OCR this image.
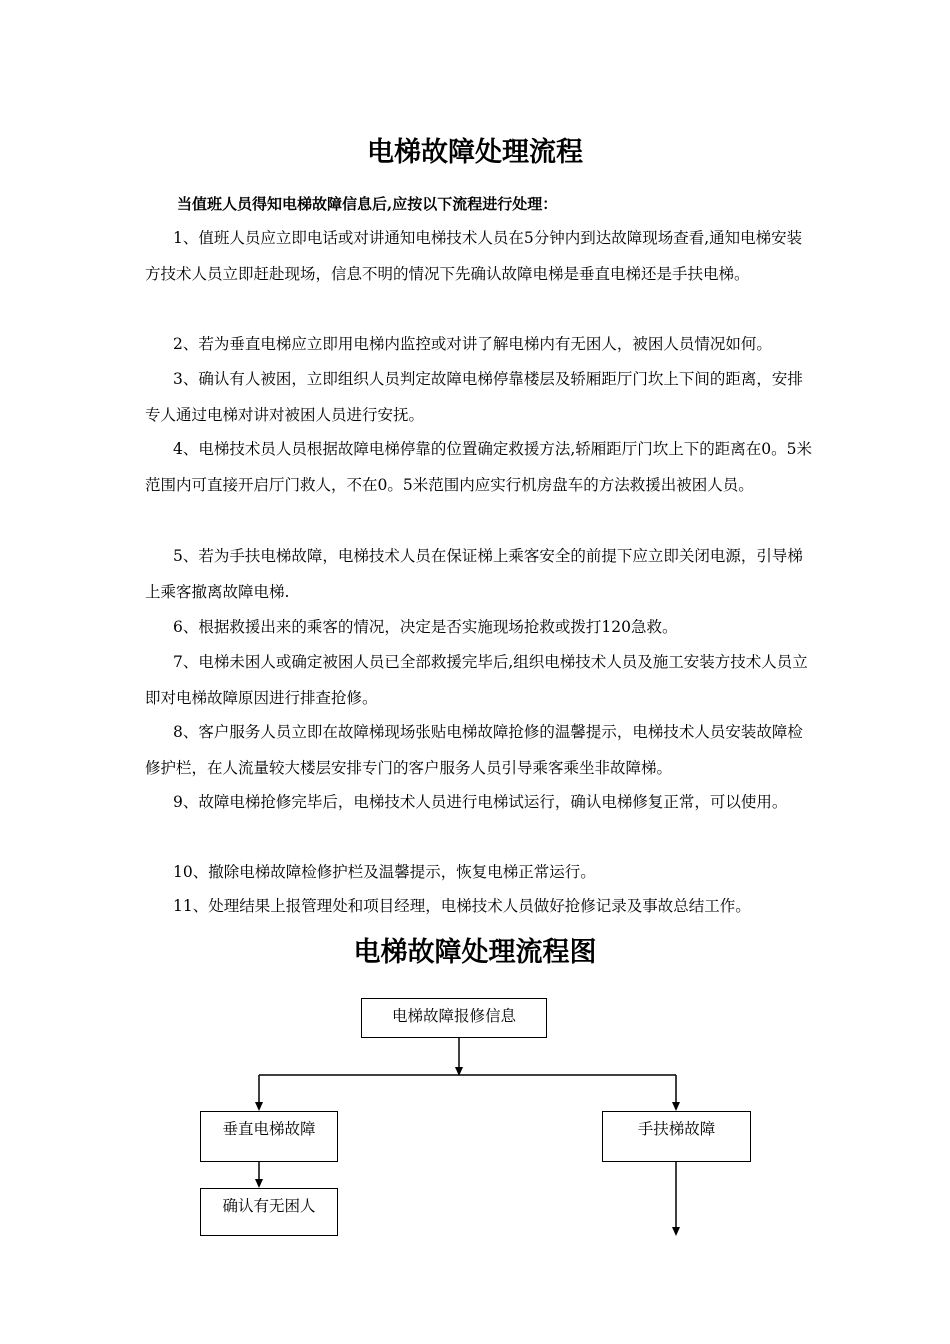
电梯故障处理流程

当值班人员得知电梯故障信息后,应按以下流程进行处理：

1、值班人员应立即电话或对讲通知电梯技术人员在5分钟内到达故障现场查看,通知电梯安装方技术人员立即赶赴现场，信息不明的情况下先确认故障电梯是垂直电梯还是手扶电梯。

2、若为垂直电梯应立即用电梯内监控或对讲了解电梯内有无困人，被困人员情况如何。

3、确认有人被困，立即组织人员判定故障电梯停靠楼层及轿厢距厅门坎上下间的距离，安排专人通过电梯对讲对被困人员进行安抚。

4、电梯技术员人员根据故障电梯停靠的位置确定救援方法,轿厢距厅门坎上下的距离在0。5米范围内可直接开启厅门救人，不在0。5米范围内应实行机房盘车的方法救援出被困人员。

5、若为手扶电梯故障，电梯技术人员在保证梯上乘客安全的前提下应立即关闭电源，引导梯上乘客撤离故障电梯.

6、根据救援出来的乘客的情况，决定是否实施现场抢救或拨打120急救。

7、电梯未困人或确定被困人员已全部救援完毕后,组织电梯技术人员及施工安装方技术人员立即对电梯故障原因进行排查抢修。

8、客户服务人员立即在故障梯现场张贴电梯故障抢修的温馨提示，电梯技术人员安装故障检修护栏，在人流量较大楼层安排专门的客户服务人员引导乘客乘坐非故障梯。

9、故障电梯抢修完毕后，电梯技术人员进行电梯试运行，确认电梯修复正常，可以使用。

10、撤除电梯故障检修护栏及温馨提示，恢复电梯正常运行。

11、处理结果上报管理处和项目经理，电梯技术人员做好抢修记录及事故总结工作。

电梯故障处理流程图
电梯故障报修信息
垂直电梯故障	手扶梯故障
确认有无困人
